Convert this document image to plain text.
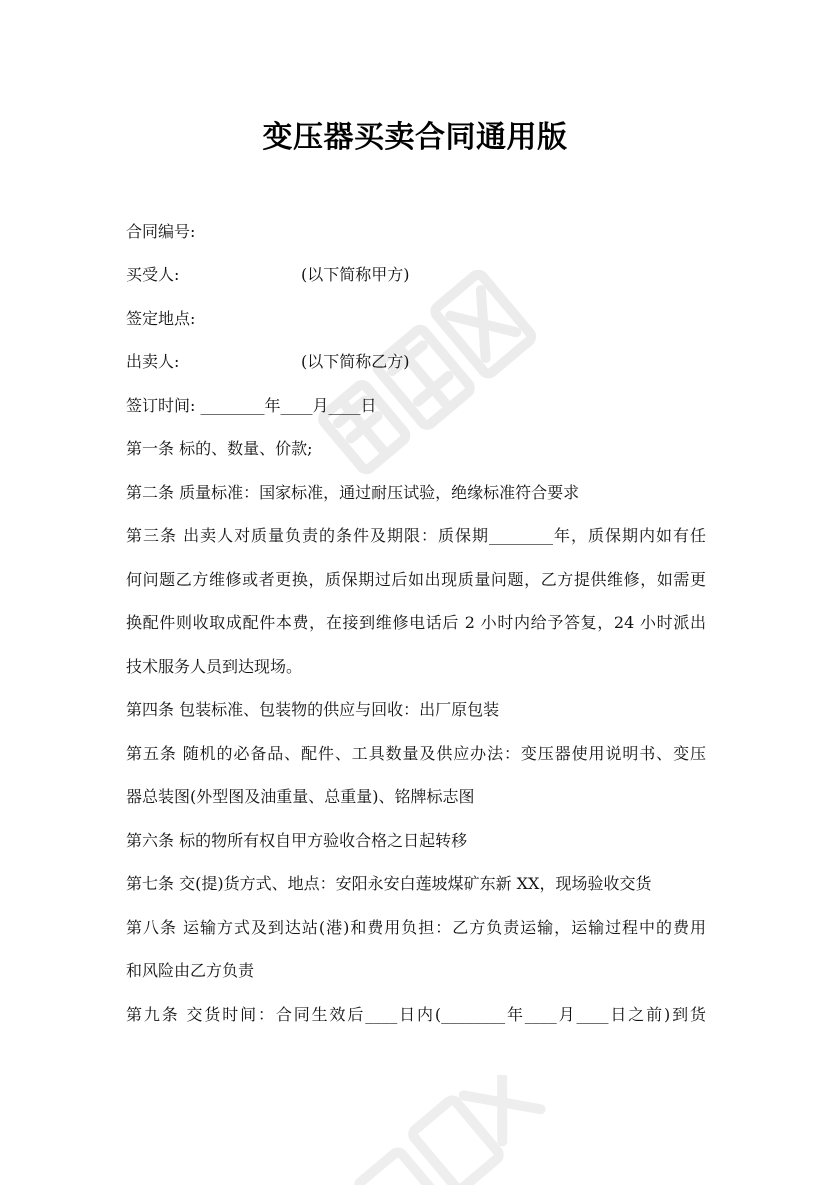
变压器买卖合同通用版
合同编号:
买受人:	(以下简称甲方)
签定地点:
出卖人:	(以下简称乙方)
签订时间: ________年____月____日
第一条 标的、数量、价款;
第二条 质量标准：国家标准，通过耐压试验，绝缘标准符合要求
第三条 出卖人对质量负责的条件及期限：质保期________年，质保期内如有任
何问题乙方维修或者更换，质保期过后如出现质量问题，乙方提供维修，如需更
换配件则收取成配件本费，在接到维修电话后 2 小时内给予答复，24 小时派出
技术服务人员到达现场。
第四条 包装标准、包装物的供应与回收：出厂原包装
第五条 随机的必备品、配件、工具数量及供应办法：变压器使用说明书、变压
器总装图(外型图及油重量、总重量)、铭牌标志图
第六条 标的物所有权自甲方验收合格之日起转移
第七条 交(提)货方式、地点：安阳永安白莲坡煤矿东新 XX，现场验收交货
第八条 运输方式及到达站(港)和费用负担：乙方负责运输，运输过程中的费用
和风险由乙方负责
第九条 交货时间：合同生效后____日内(________年____月____日之前)到货
